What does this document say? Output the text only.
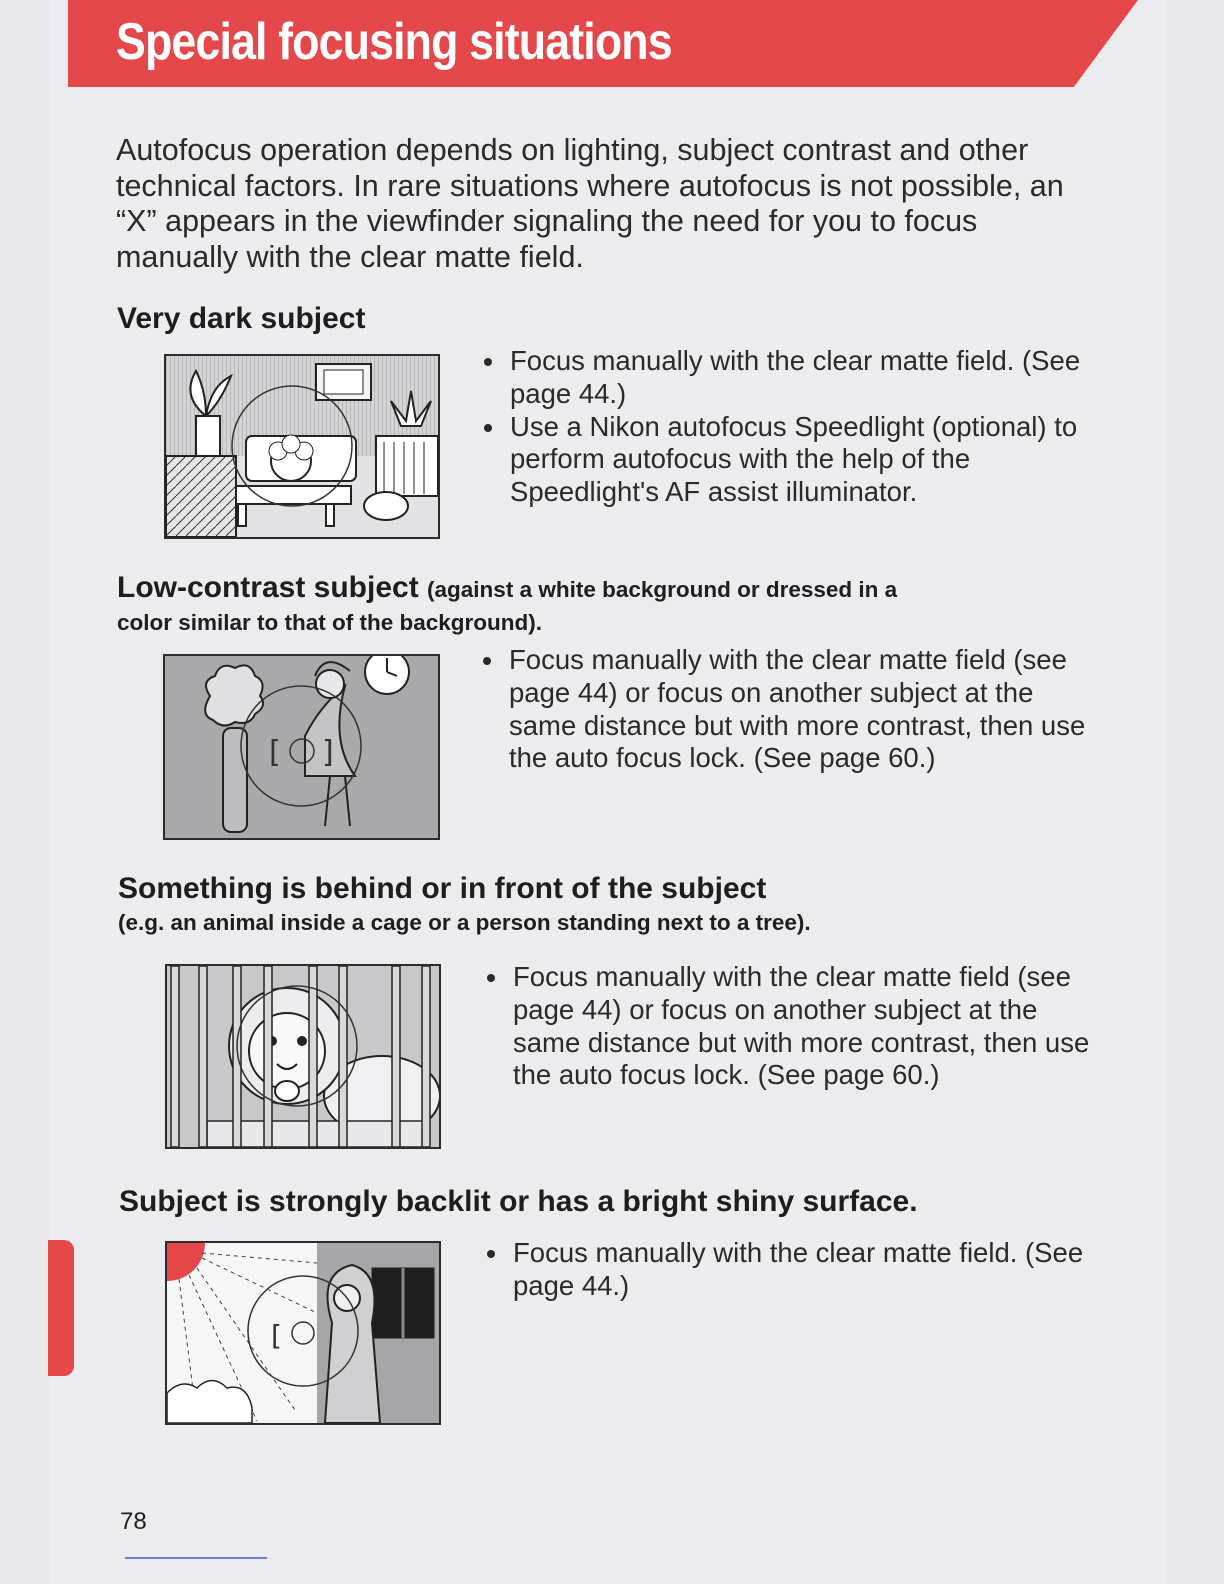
Special focusing situations
Autofocus operation depends on lighting, subject contrast and other technical factors. In rare situations where autofocus is not possible, an “X” appears in the viewfinder signaling the need for you to focus manually with the clear matte field.
Very dark subject
Focus manually with the clear matte field. (See page 44.)
Use a Nikon autofocus Speedlight (optional) to perform autofocus with the help of the Speedlight's AF assist illuminator.
Low-contrast subject (against a white background or dressed in a
color similar to that of the background).
[ ]
Focus manually with the clear matte field (see page 44) or focus on another subject at the same distance but with more contrast, then use the auto focus lock. (See page 60.)
Something is behind or in front of the subject
(e.g. an animal inside a cage or a person standing next to a tree).
Focus manually with the clear matte field (see page 44) or focus on another subject at the same distance but with more contrast, then use the auto focus lock. (See page 60.)
Subject is strongly backlit or has a bright shiny surface.
[
Focus manually with the clear matte field. (See page 44.)
78
